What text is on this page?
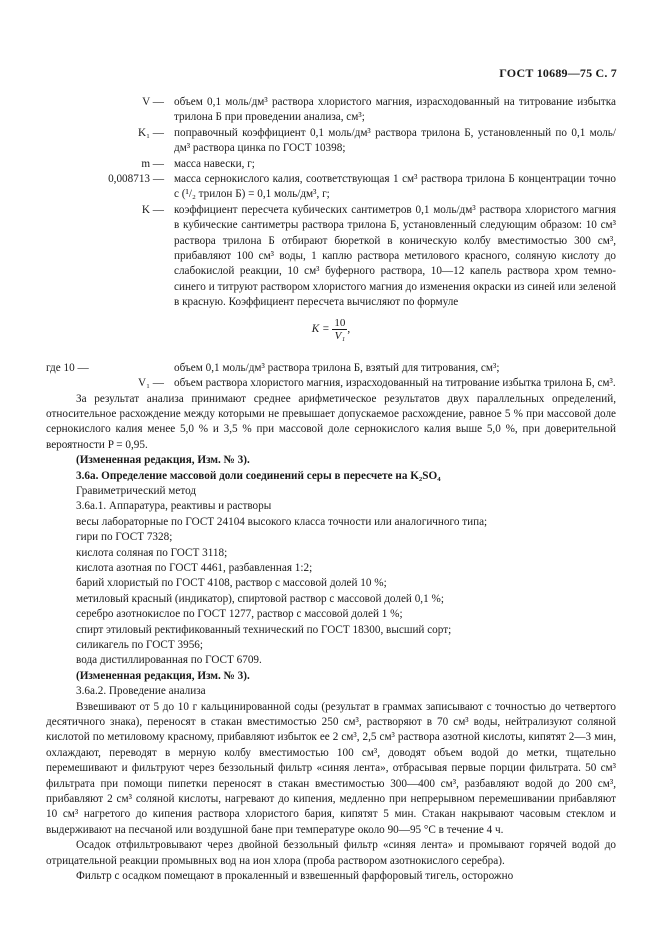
ГОСТ 10689—75 С. 7
V — объем 0,1 моль/дм³ раствора хлористого магния, израсходованный на титрование избытка трилона Б при проведении анализа, см³;
K₁ — поправочный коэффициент 0,1 моль/дм³ раствора трилона Б, установленный по 0,1 моль/дм³ раствора цинка по ГОСТ 10398;
m — масса навески, г;
0,008713 — масса сернокислого калия, соответствующая 1 см³ раствора трилона Б концентрации точно c (¹/₂ трилон Б) = 0,1 моль/дм³, г;
K — коэффициент пересчета кубических сантиметров 0,1 моль/дм³ раствора хлористого магния в кубические сантиметры раствора трилона Б, установленный следующим образом: 10 см³ раствора трилона Б отбирают бюреткой в коническую колбу вместимостью 300 см³, прибавляют 100 см³ воды, 1 каплю раствора метилового красного, соляную кислоту до слабокислой реакции, 10 см³ буферного раствора, 10—12 капель раствора хром темно-синего и титруют раствором хлористого магния до изменения окраски из синей или зеленой в красную. Коэффициент пересчета вычисляют по формуле
$K = \frac{10}{\text{V₁}}$ ,
где 10 —	объем 0,1 моль/дм³ раствора трилона Б, взятый для титрования, см³;
V₁ — объем раствора хлористого магния, израсходованный на титрование избытка трилона Б, см³.

За результат анализа принимают среднее арифметическое результатов двух параллельных определений, относительное расхождение между которыми не превышает допускаемое расхождение, равное 5 % при массовой доле сернокислого калия менее 5,0 % и 3,5 % при массовой доле сернокислого калия выше 5,0 %, при доверительной вероятности P = 0,95.

(Измененная редакция, Изм. № 3).

3.6а. Определение массовой доли соединений серы в пересчете на K₂SO₄

Гравиметрический метод

3.6а.1. Аппаратура, реактивы и растворы

весы лабораторные по ГОСТ 24104 высокого класса точности или аналогичного типа;

гири по ГОСТ 7328;

кислота соляная по ГОСТ 3118;

кислота азотная по ГОСТ 4461, разбавленная 1:2;

барий хлористый по ГОСТ 4108, раствор с массовой долей 10 %;

метиловый красный (индикатор), спиртовой раствор с массовой долей 0,1 %;

серебро азотнокислое по ГОСТ 1277, раствор с массовой долей 1 %;

спирт этиловый ректификованный технический по ГОСТ 18300, высший сорт;

силикагель по ГОСТ 3956;

вода дистиллированная по ГОСТ 6709.

(Измененная редакция, Изм. № 3).

3.6а.2. Проведение анализа

Взвешивают от 5 до 10 г кальцинированной соды (результат в граммах записывают с точностью до четвертого десятичного знака), переносят в стакан вместимостью 250 см³, растворяют в 70 см³ воды, нейтрализуют соляной кислотой по метиловому красному, прибавляют избыток ее 2 см³, 2,5 см³ раствора азотной кислоты, кипятят 2—3 мин, охлаждают, переводят в мерную колбу вместимостью 100 см³, доводят объем водой до метки, тщательно перемешивают и фильтруют через беззольный фильтр «синяя лента», отбрасывая первые порции фильтрата. 50 см³ фильтрата при помощи пипетки переносят в стакан вместимостью 300—400 см³, разбавляют водой до 200 см³, прибавляют 2 см³ соляной кислоты, нагревают до кипения, медленно при непрерывном перемешивании прибавляют 10 см³ нагретого до кипения раствора хлористого бария, кипятят 5 мин. Стакан накрывают часовым стеклом и выдерживают на песчаной или воздушной бане при температуре около 90—95 °С в течение 4 ч.

Осадок отфильтровывают через двойной беззольный фильтр «синяя лента» и промывают горячей водой до отрицательной реакции промывных вод на ион хлора (проба раствором азотнокислого серебра).

Фильтр с осадком помещают в прокаленный и взвешенный фарфоровый тигель, осторожно
